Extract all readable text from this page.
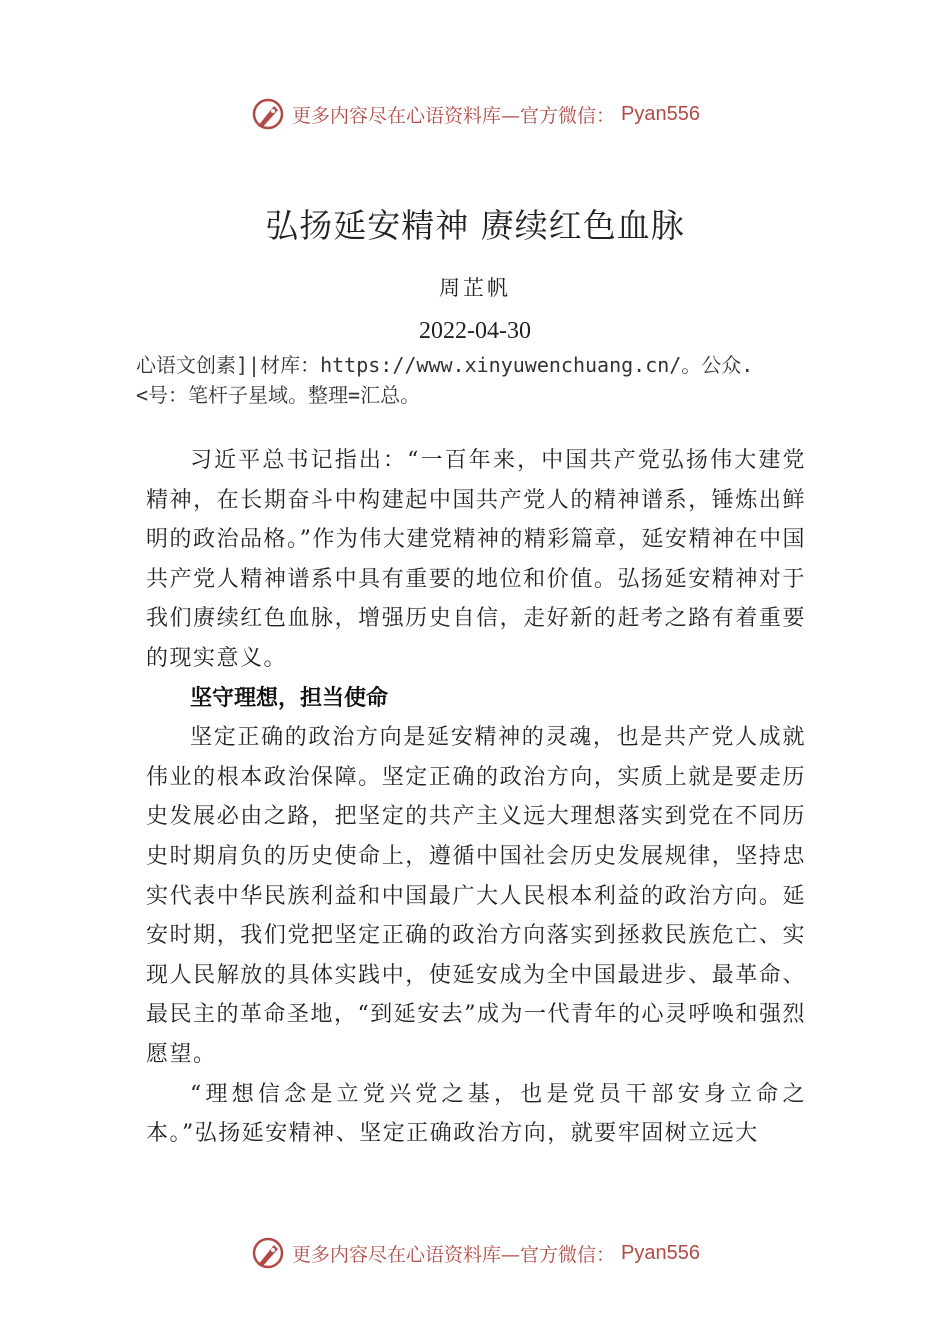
更多内容尽在心语资料库—官方微信： Pyan556
弘扬延安精神 赓续红色血脉
周芷帆
2022-04-30
心语文创素]|材库：https://www.xinyuwenchuang.cn/。公众.
<号：笔杆子星域。整理=汇总。

习近平总书记指出：“一百年来，中国共产党弘扬伟大建党精神，在长期奋斗中构建起中国共产党人的精神谱系，锤炼出鲜明的政治品格。”作为伟大建党精神的精彩篇章，延安精神在中国共产党人精神谱系中具有重要的地位和价值。弘扬延安精神对于我们赓续红色血脉，增强历史自信，走好新的赶考之路有着重要的现实意义。

坚守理想，担当使命

坚定正确的政治方向是延安精神的灵魂，也是共产党人成就伟业的根本政治保障。坚定正确的政治方向，实质上就是要走历史发展必由之路，把坚定的共产主义远大理想落实到党在不同历史时期肩负的历史使命上，遵循中国社会历史发展规律，坚持忠实代表中华民族利益和中国最广大人民根本利益的政治方向。延安时期，我们党把坚定正确的政治方向落实到拯救民族危亡、实现人民解放的具体实践中，使延安成为全中国最进步、最革命、最民主的革命圣地，“到延安去”成为一代青年的心灵呼唤和强烈愿望。

“理想信念是立党兴党之基，也是党员干部安身立命之本。”弘扬延安精神、坚定正确政治方向，就要牢固树立远大

更多内容尽在心语资料库—官方微信： Pyan556
